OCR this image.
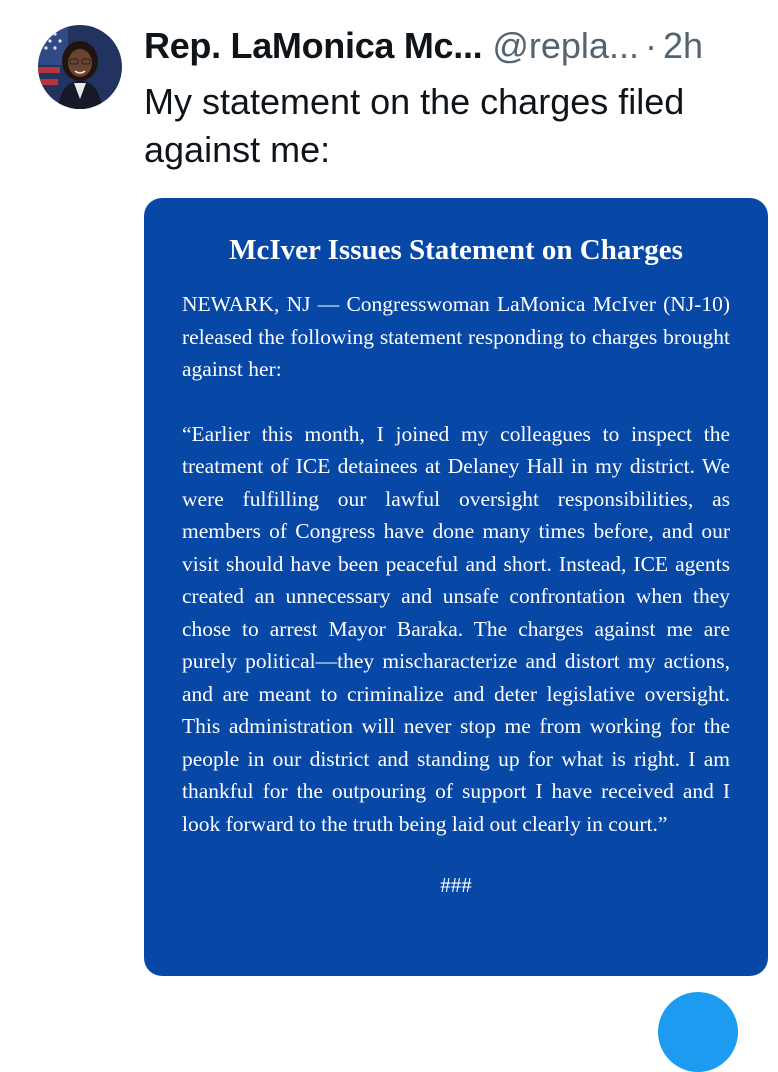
Rep. LaMonica Mc... @repla... · 2h
My statement on the charges filed against me:
McIver Issues Statement on Charges

NEWARK, NJ — Congresswoman LaMonica McIver (NJ-10) released the following statement responding to charges brought against her:

“Earlier this month, I joined my colleagues to inspect the treatment of ICE detainees at Delaney Hall in my district. We were fulfilling our lawful oversight responsibilities, as members of Congress have done many times before, and our visit should have been peaceful and short. Instead, ICE agents created an unnecessary and unsafe confrontation when they chose to arrest Mayor Baraka. The charges against me are purely political—they mischaracterize and distort my actions, and are meant to criminalize and deter legislative oversight. This administration will never stop me from working for the people in our district and standing up for what is right. I am thankful for the outpouring of support I have received and I look forward to the truth being laid out clearly in court.”

###
